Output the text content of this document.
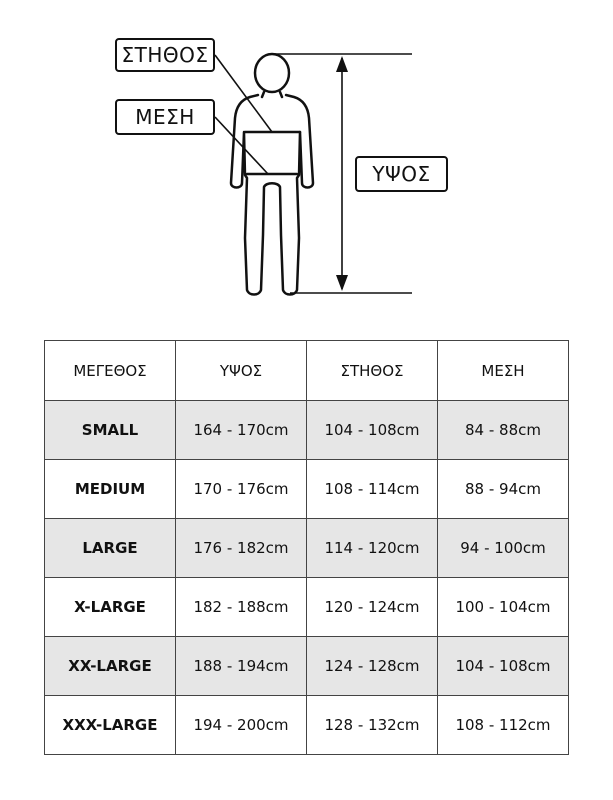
ΣΤΗΘΟΣ
ΜΕΣΗ
ΥΨΟΣ
ΜΕΓΕΘΟΣ	ΥΨΟΣ	ΣΤΗΘΟΣ	ΜΕΣΗ
SMALL	164 - 170cm	104 - 108cm	84 - 88cm
MEDIUM	170 - 176cm	108 - 114cm	88 - 94cm
LARGE	176 - 182cm	114 - 120cm	94 - 100cm
X-LARGE	182 - 188cm	120 - 124cm	100 - 104cm
XX-LARGE	188 - 194cm	124 - 128cm	104 - 108cm
XXX-LARGE	194 - 200cm	128 - 132cm	108 - 112cm
